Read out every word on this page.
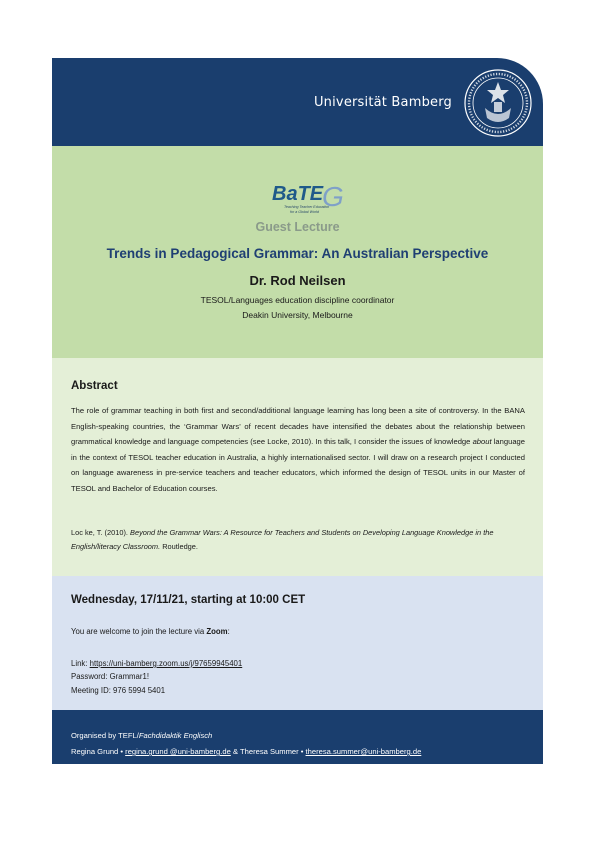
Universität Bamberg
BaTE
G
Teaching Teacher Education
for a Global World
Guest Lecture
Trends in Pedagogical Grammar: An Australian Perspective
Dr. Rod Neilsen
TESOL/Languages education discipline coordinator
Deakin University, Melbourne
Abstract
The role of grammar teaching in both first and second/additional language learning has long been a site of controversy. In the BANA English-speaking countries, the ‘Grammar Wars’ of recent decades have intensified the debates about the relationship between grammatical knowledge and language competencies (see Locke, 2010). In this talk, I consider the issues of knowledge about language in the context of TESOL teacher education in Australia, a highly internationalised sector. I will draw on a research project I conducted on language awareness in pre-service teachers and teacher educators, which informed the design of TESOL units in our Master of TESOL and Bachelor of Education courses.
Loc ke, T. (2010). Beyond the Grammar Wars: A Resource for Teachers and Students on Developing Language Knowledge in the English/literacy Classroom. Routledge.
Wednesday, 17/11/21, starting at 10:00 CET
You are welcome to join the lecture via Zoom:
Link: https://uni-bamberg.zoom.us/j/97659945401
Password: Grammar1!
Meeting ID: 976 5994 5401
Organised by TEFL/Fachdidaktik Englisch
Regina Grund • regina.grund @uni-bamberg.de & Theresa Summer • theresa.summer@uni-bamberg.de
